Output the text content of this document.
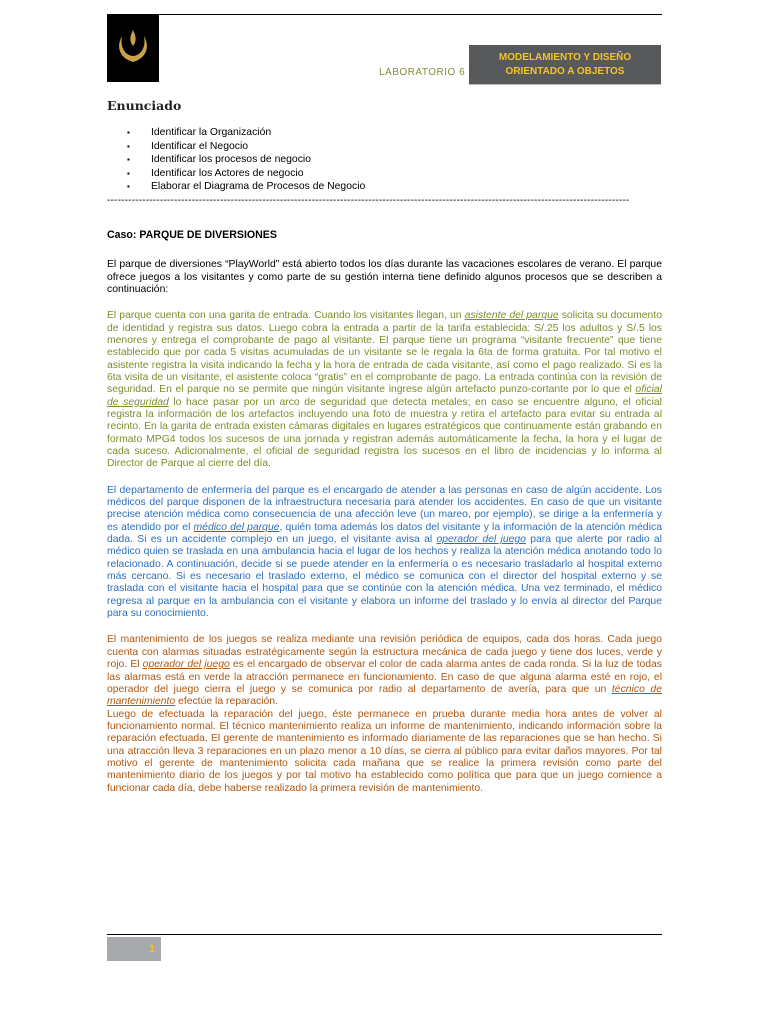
LABORATORIO 6
MODELAMIENTO Y DISEÑO
ORIENTADO A OBJETOS
Enunciado
▪ Identificar la Organización
▪ Identificar el Negocio
▪ Identificar los procesos de negocio
▪ Identificar los Actores de negocio
▪ Elaborar el Diagrama de Procesos de Negocio
----------------------------------------------------------------------------------------------------------------------------------------------------
Caso: PARQUE DE DIVERSIONES

El parque de diversiones “PlayWorld” está abierto todos los días durante las vacaciones escolares de verano. El parque ofrece juegos a los visitantes y como parte de su gestión interna tiene definido algunos procesos que se describen a continuación:

El parque cuenta con una garita de entrada. Cuando los visitantes llegan, un asistente del parque solicita su documento de identidad y registra sus datos. Luego cobra la entrada a partir de la tarifa establecida: S/.25 los adultos y S/.5 los menores y entrega el comprobante de pago al visitante. El parque tiene un programa “visitante frecuente” que tiene establecido que por cada 5 visitas acumuladas de un visitante se le regala la 6ta de forma gratuita. Por tal motivo el asistente registra la visita indicando la fecha y la hora de entrada de cada visitante, así como el pago realizado. Si es la 6ta visita de un visitante, el asistente coloca “gratis” en el comprobante de pago. La entrada continúa con la revisión de seguridad. En el parque no se permite que ningún visitante ingrese algún artefacto punzo-cortante por lo que el oficial de seguridad lo hace pasar por un arco de seguridad que detecta metales; en caso se encuentre alguno, el oficial registra la información de los artefactos incluyendo una foto de muestra y retira el artefacto para evitar su entrada al recinto. En la garita de entrada existen cámaras digitales en lugares estratégicos que continuamente están grabando en formato MPG4 todos los sucesos de una jornada y registran además automáticamente la fecha, la hora y el lugar de cada suceso. Adicionalmente, el oficial de seguridad registra los sucesos en el libro de incidencias y lo informa al Director de Parque al cierre del día.

El departamento de enfermería del parque es el encargado de atender a las personas en caso de algún accidente. Los médicos del parque disponen de la infraestructura necesaria para atender los accidentes. En caso de que un visitante precise atención médica como consecuencia de una afección leve (un mareo, por ejemplo), se dirige a la enfermería y es atendido por el médico del parque, quién toma además los datos del visitante y la información de la atención médica dada. Si es un accidente complejo en un juego, el visitante avisa al operador del juego para que alerte por radio al médico quien se traslada en una ambulancia hacia el lugar de los hechos y realiza la atención médica anotando todo lo relacionado. A continuación, decide si se puede atender en la enfermería o es necesario trasladarlo al hospital externo más cercano. Si es necesario el traslado externo, el médico se comunica con el director del hospital externo y se traslada con el visitante hacia el hospital para que se continúe con la atención médica. Una vez terminado, el médico regresa al parque en la ambulancia con el visitante y elabora un informe del traslado y lo envía al director del Parque para su conocimiento.

El mantenimiento de los juegos se realiza mediante una revisión periódica de equipos, cada dos horas. Cada juego cuenta con alarmas situadas estratégicamente según la estructura mecánica de cada juego y tiene dos luces, verde y rojo. El operador del juego es el encargado de observar el color de cada alarma antes de cada ronda. Si la luz de todas las alarmas está en verde la atracción permanece en funcionamiento. En caso de que alguna alarma esté en rojo, el operador del juego cierra el juego y se comunica por radio al departamento de avería, para que un técnico de mantenimiento efectúe la reparación.

Luego de efectuada la reparación del juego, éste permanece en prueba durante media hora antes de volver al funcionamiento normal. El técnico mantenimiento realiza un informe de mantenimiento, indicando información sobre la reparación efectuada. El gerente de mantenimiento es informado diariamente de las reparaciones que se han hecho. Si una atracción lleva 3 reparaciones en un plazo menor a 10 días, se cierra al público para evitar daños mayores. Por tal motivo el gerente de mantenimiento solicita cada mañana que se realice la primera revisión como parte del mantenimiento diario de los juegos y por tal motivo ha establecido como política que para que un juego comience a funcionar cada día, debe haberse realizado la primera revisión de mantenimiento.

1
